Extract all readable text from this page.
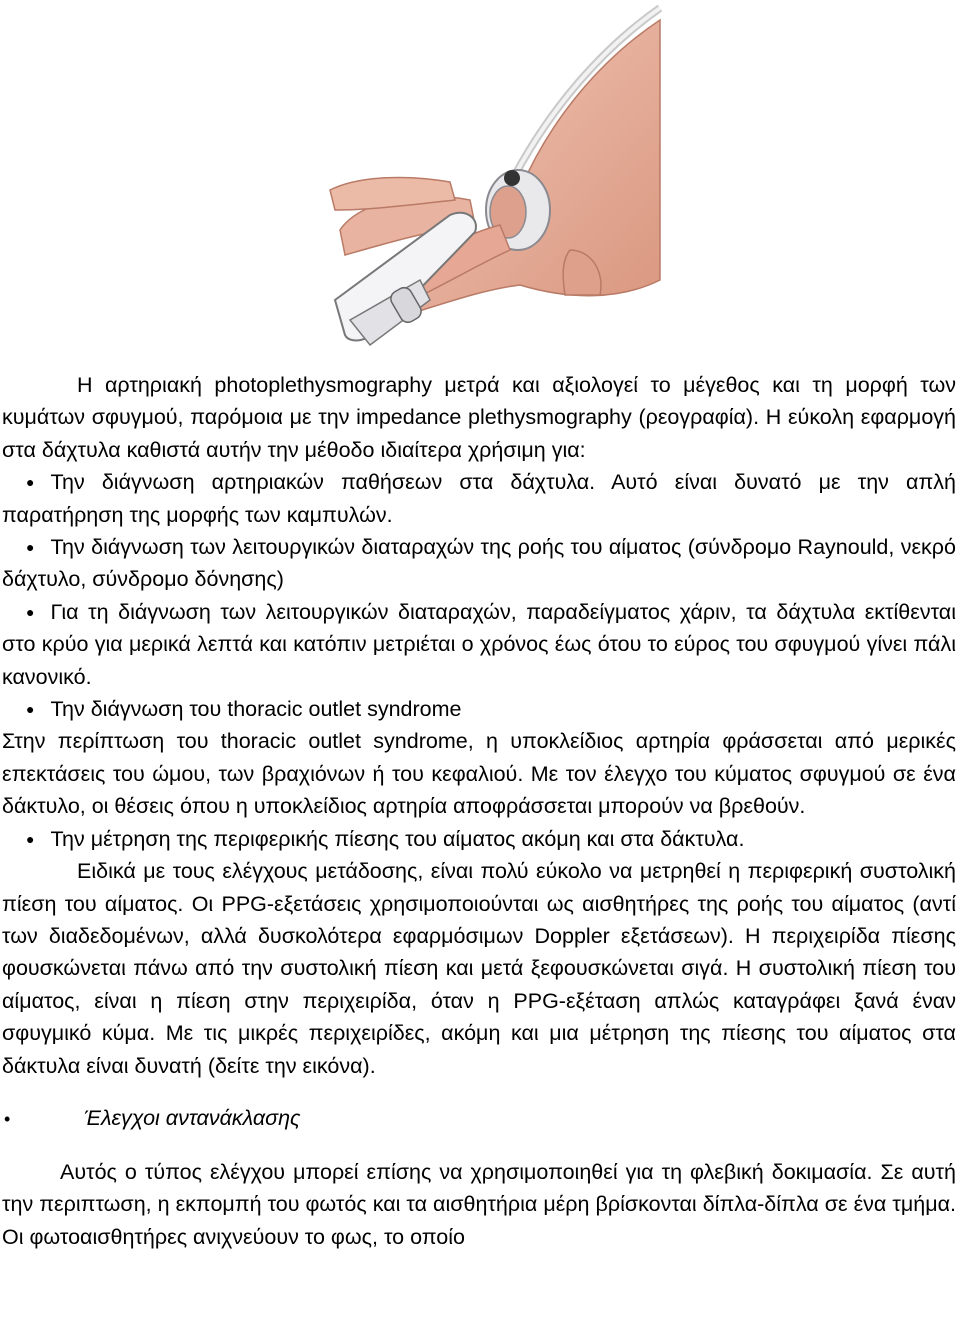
Η αρτηριακή photoplethysmography μετρά και αξιολογεί το μέγεθος και τη μορφή των κυμάτων σφυγμού, παρόμοια με την impedance plethysmography (ρεογραφία). Η εύκολη εφαρμογή στα δάχτυλα καθιστά αυτήν την μέθοδο ιδιαίτερα χρήσιμη για:

● Την διάγνωση αρτηριακών παθήσεων στα δάχτυλα. Αυτό είναι δυνατό με την απλή παρατήρηση της μορφής των καμπυλών.

● Την διάγνωση των λειτουργικών διαταραχών της ροής του αίματος (σύνδρομο Raynould, νεκρό δάχτυλο, σύνδρομο δόνησης)

● Για τη διάγνωση των λειτουργικών διαταραχών, παραδείγματος χάριν, τα δάχτυλα εκτίθενται στο κρύο για μερικά λεπτά και κατόπιν μετριέται ο χρόνος έως ότου το εύρος του σφυγμού γίνει πάλι κανονικό.

● Την διάγνωση του thoracic outlet syndrome

Στην περίπτωση του thoracic outlet syndrome, η υποκλείδιος αρτηρία φράσσεται από μερικές επεκτάσεις του ώμου, των βραχιόνων ή του κεφαλιού. Με τον έλεγχο του κύματος σφυγμού σε ένα δάκτυλο, οι θέσεις όπου η υποκλείδιος αρτηρία αποφράσσεται μπορούν να βρεθούν.

● Την μέτρηση της περιφερικής πίεσης του αίματος ακόμη και στα δάκτυλα.

Ειδικά με τους ελέγχους μετάδοσης, είναι πολύ εύκολο να μετρηθεί η περιφερική συστολική πίεση του αίματος. Οι PPG-εξετάσεις χρησιμοποιούνται ως αισθητήρες της ροής του αίματος (αντί των διαδεδομένων, αλλά δυσκολότερα εφαρμόσιμων Doppler εξετάσεων). Η περιχειρίδα πίεσης φουσκώνεται πάνω από την συστολική πίεση και μετά ξεφουσκώνεται σιγά. Η συστολική πίεση του αίματος, είναι η πίεση στην περιχειρίδα, όταν η PPG-εξέταση απλώς καταγράφει ξανά έναν σφυγμικό κύμα. Με τις μικρές περιχειρίδες, ακόμη και μια μέτρηση της πίεσης του αίματος στα δάκτυλα είναι δυνατή (δείτε την εικόνα).

•	Έλεγχοι αντανάκλασης

Αυτός ο τύπος ελέγχου μπορεί επίσης να χρησιμοποιηθεί για τη φλεβική δοκιμασία. Σε αυτή την περιπτωση, η εκπομπή του φωτός και τα αισθητήρια μέρη βρίσκονται δίπλα-δίπλα σε ένα τμήμα. Οι φωτοαισθητήρες ανιχνεύουν το φως, το οποίο
